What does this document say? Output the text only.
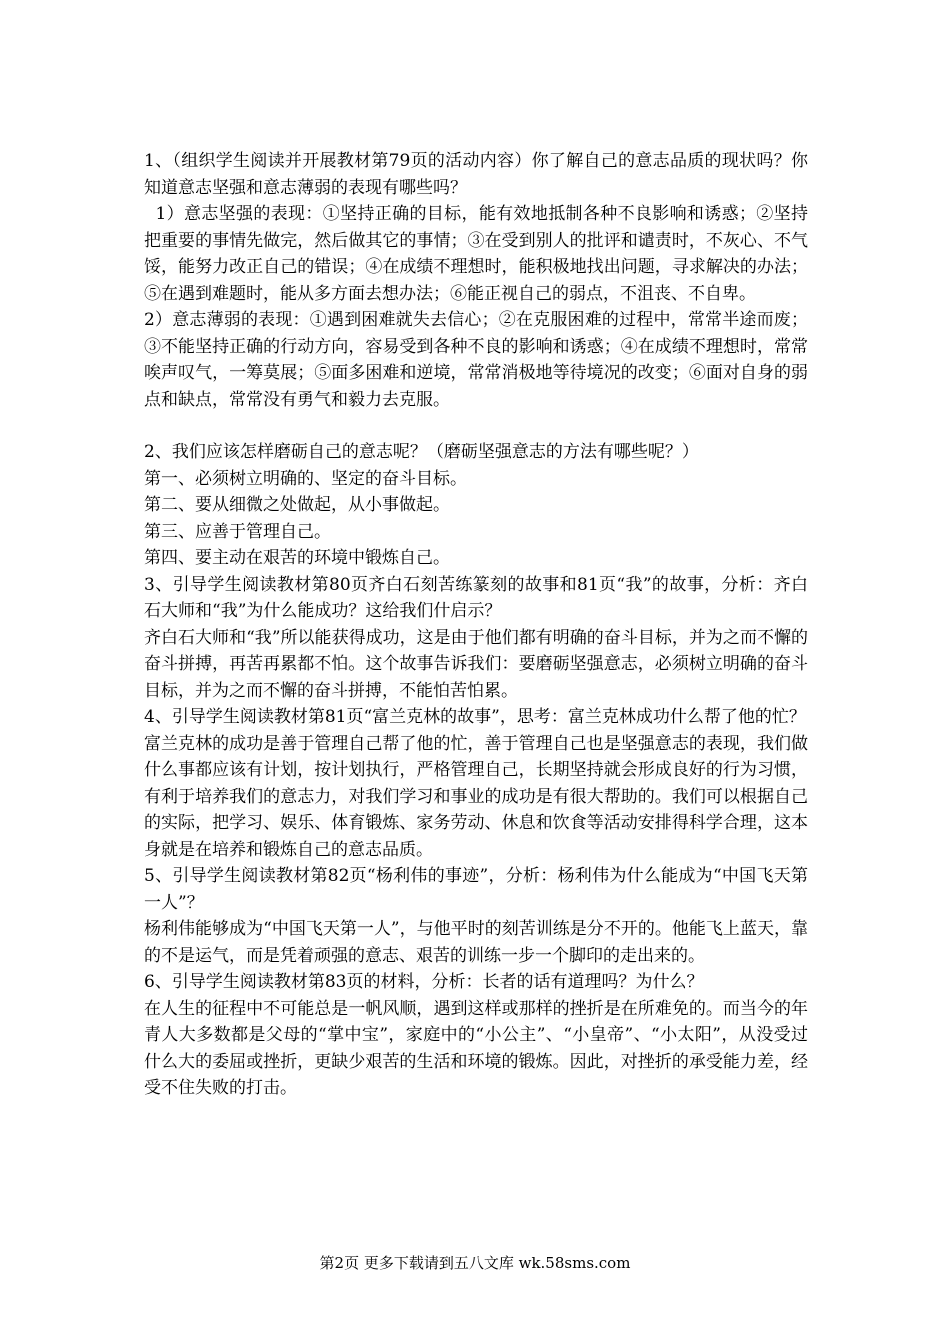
1、（组织学生阅读并开展教材第79页的活动内容）你了解自己的意志品质的现状吗？你知道意志坚强和意志薄弱的表现有哪些吗？

1）意志坚强的表现：①坚持正确的目标，能有效地抵制各种不良影响和诱惑；②坚持把重要的事情先做完，然后做其它的事情；③在受到别人的批评和谴责时，不灰心、不气馁，能努力改正自己的错误；④在成绩不理想时，能积极地找出问题，寻求解决的办法；⑤在遇到难题时，能从多方面去想办法；⑥能正视自己的弱点，不沮丧、不自卑。

2）意志薄弱的表现：①遇到困难就失去信心；②在克服困难的过程中，常常半途而废；③不能坚持正确的行动方向，容易受到各种不良的影响和诱惑；④在成绩不理想时，常常唉声叹气，一筹莫展；⑤面多困难和逆境，常常消极地等待境况的改变；⑥面对自身的弱点和缺点，常常没有勇气和毅力去克服。

2、我们应该怎样磨砺自己的意志呢？（磨砺坚强意志的方法有哪些呢？）

第一、必须树立明确的、坚定的奋斗目标。

第二、要从细微之处做起，从小事做起。

第三、应善于管理自己。

第四、要主动在艰苦的环境中锻炼自己。

3、引导学生阅读教材第80页齐白石刻苦练篆刻的故事和81页“我”的故事，分析：齐白石大师和“我”为什么能成功？这给我们什启示？

齐白石大师和“我”所以能获得成功，这是由于他们都有明确的奋斗目标，并为之而不懈的奋斗拼搏，再苦再累都不怕。这个故事告诉我们：要磨砺坚强意志，必须树立明确的奋斗目标，并为之而不懈的奋斗拼搏，不能怕苦怕累。

4、引导学生阅读教材第81页“富兰克林的故事”，思考：富兰克林成功什么帮了他的忙？

富兰克林的成功是善于管理自己帮了他的忙，善于管理自己也是坚强意志的表现，我们做什么事都应该有计划，按计划执行，严格管理自己，长期坚持就会形成良好的行为习惯，有利于培养我们的意志力，对我们学习和事业的成功是有很大帮助的。我们可以根据自己的实际，把学习、娱乐、体育锻炼、家务劳动、休息和饮食等活动安排得科学合理，这本身就是在培养和锻炼自己的意志品质。

5、引导学生阅读教材第82页“杨利伟的事迹”，分析：杨利伟为什么能成为“中国飞天第一人”？

杨利伟能够成为“中国飞天第一人”，与他平时的刻苦训练是分不开的。他能飞上蓝天，靠的不是运气，而是凭着顽强的意志、艰苦的训练一步一个脚印的走出来的。

6、引导学生阅读教材第83页的材料，分析：长者的话有道理吗？为什么？

在人生的征程中不可能总是一帆风顺，遇到这样或那样的挫折是在所难免的。而当今的年青人大多数都是父母的“掌中宝”，家庭中的“小公主”、“小皇帝”、“小太阳”，从没受过什么大的委屈或挫折，更缺少艰苦的生活和环境的锻炼。因此，对挫折的承受能力差，经受不住失败的打击。

第2页 更多下载请到五八文库 wk.58sms.com
